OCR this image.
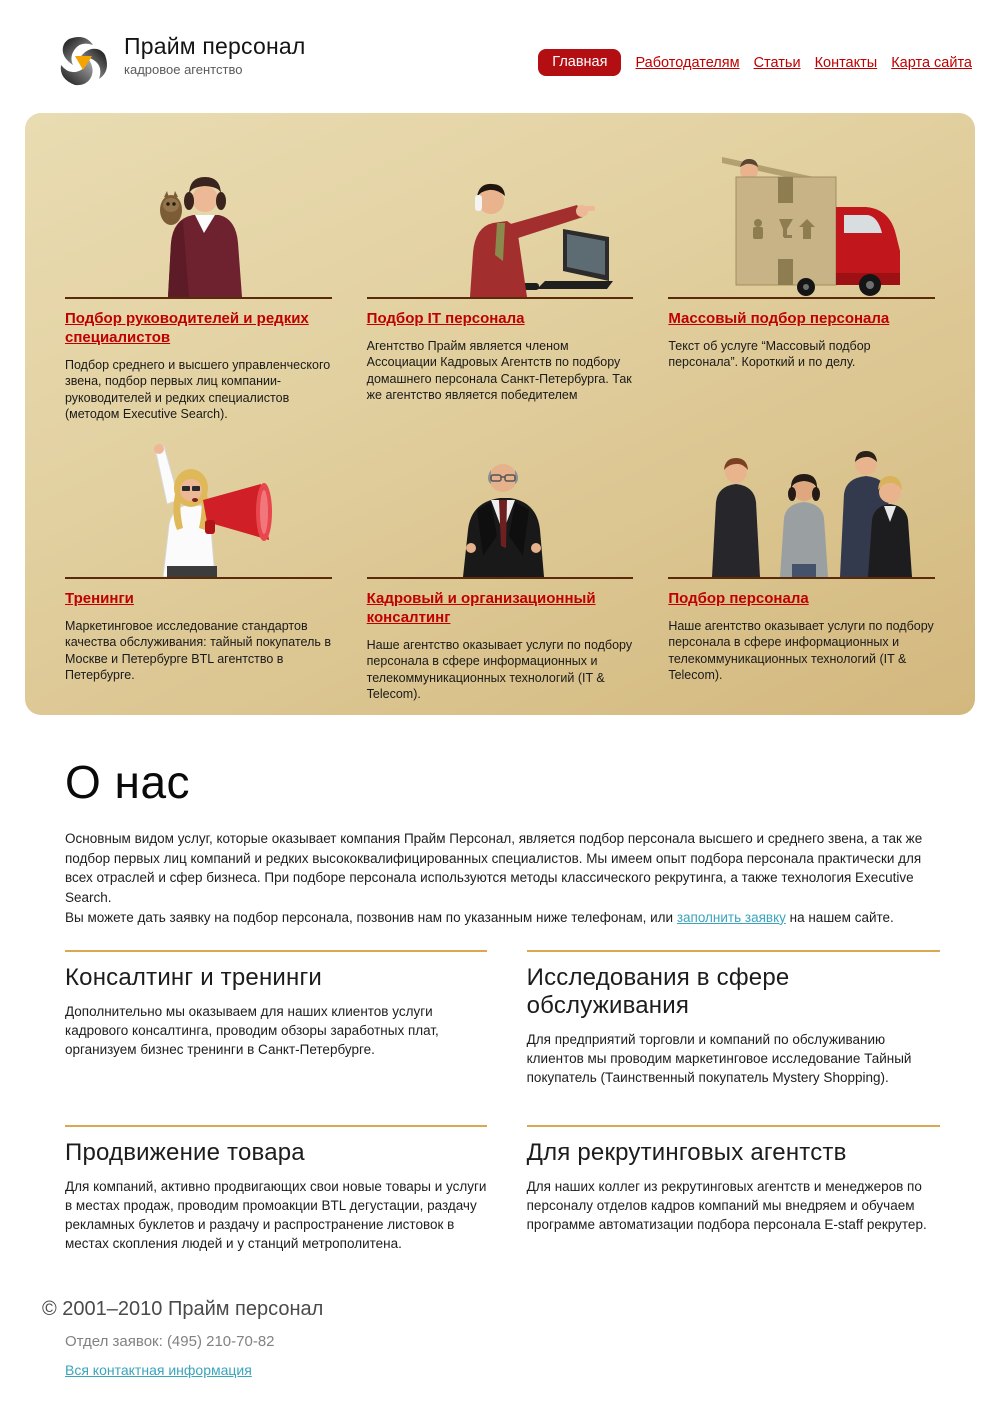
Прайм персонал
кадровое агентство	Главная	Работодателям Статьи Контакты Карта сайта
Подбор руководителей и редких специалистов
Подбор среднего и высшего управленческого звена, подбор первых лиц компании-руководителей и редких специалистов (методом Executive Search).
Подбор IT персонала
Агентство Прайм является членом Ассоциации Кадровых Агентств по подбору домашнего персонала Санкт-Петербурга. Так же агентство является победителем
Массовый подбор персонала
Текст об услуге “Массовый подбор персонала”. Короткий и по делу.
Тренинги
Маркетинговое исследование стандартов качества обслуживания: тайный покупатель в Москве и Петербурге BTL агентство в Петербурге.
Кадровый и организационный консалтинг
Наше агентство оказывает услуги по подбору персонала в сфере информационных и телекоммуникационных технологий (IT & Telecom).
Подбор персонала
Наше агентство оказывает услуги по подбору персонала в сфере информационных и телекоммуникационных технологий (IT & Telecom).
О нас

Основным видом услуг, которые оказывает компания Прайм Персонал, является подбор персонала высшего и среднего звена, а так же подбор первых лиц компаний и редких высококвалифицированных специалистов. Мы имеем опыт подбора персонала практически для всех отраслей и сфер бизнеса. При подборе персонала используются методы классического рекрутинга, а также технология Executive Search.
Вы можете дать заявку на подбор персонала, позвонив нам по указанным ниже телефонам, или заполнить заявку на нашем сайте.

Консалтинг и тренинги

Дополнительно мы оказываем для наших клиентов услуги кадрового консалтинга, проводим обзоры заработных плат, организуем бизнес тренинги в Санкт-Петербурге.

Исследования в сфере обслуживания

Для предприятий торговли и компаний по обслуживанию клиентов мы проводим маркетинговое исследование Тайный покупатель (Таинственный покупатель Mystery Shopping).

Продвижение товара

Для компаний, активно продвигающих свои новые товары и услуги в местах продаж, проводим промоакции BTL дегустации, раздачу рекламных буклетов и раздачу и распространение листовок в местах скопления людей и у станций метрополитена.

Для рекрутинговых агентств

Для наших коллег из рекрутинговых агентств и менеджеров по персоналу отделов кадров компаний мы внедряем и обучаем программе автоматизации подбора персонала E-staff рекрутер.

© 2001–2010 Прайм персонал
Отдел заявок: (495) 210-70-82
Вся контактная информация
